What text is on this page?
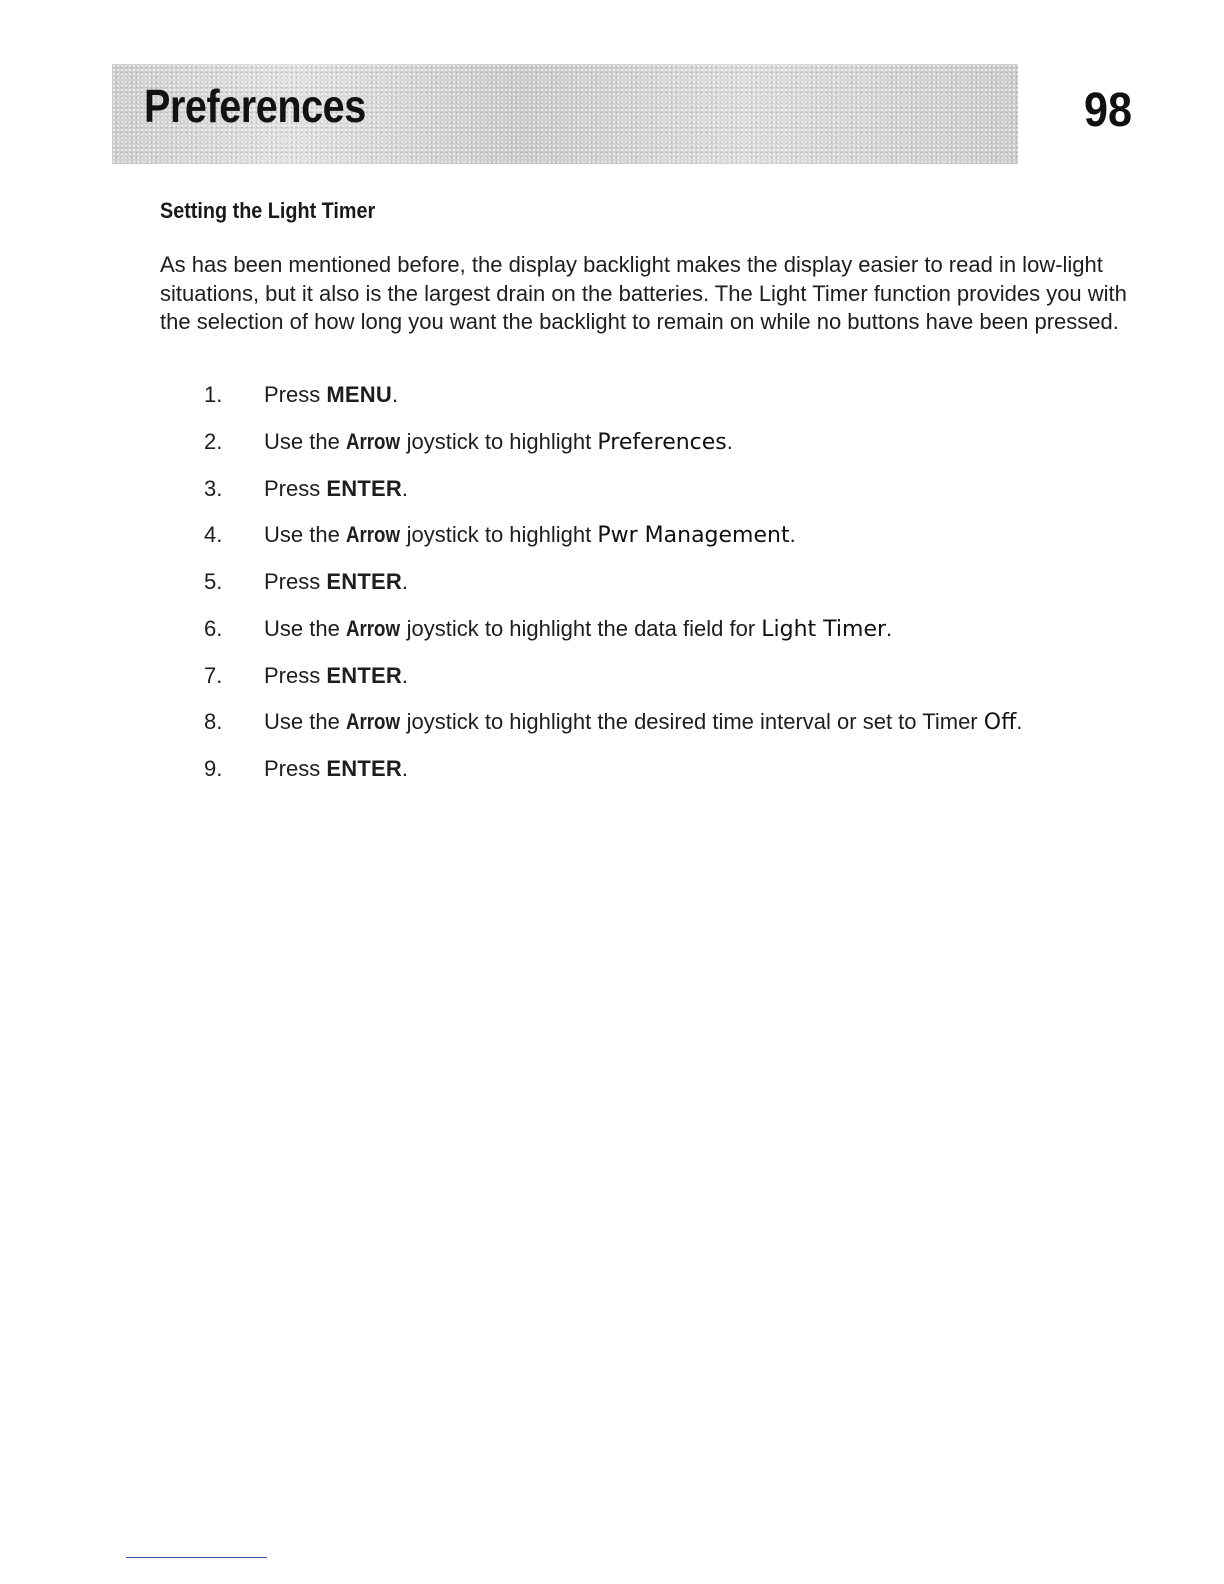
Preferences	98
Setting the Light Timer

As has been mentioned before, the display backlight makes the display easier to read in low-light situations, but it also is the largest drain on the batteries. The Light Timer function provides you with the selection of how long you want the backlight to remain on while no buttons have been pressed.

1. Press MENU.
2. Use the Arrow joystick to highlight Preferences.
3. Press ENTER.
4. Use the Arrow joystick to highlight Pwr Management.
5. Press ENTER.
6. Use the Arrow joystick to highlight the data field for Light Timer.
7. Press ENTER.
8. Use the Arrow joystick to highlight the desired time interval or set to Timer Off.
9. Press ENTER.
